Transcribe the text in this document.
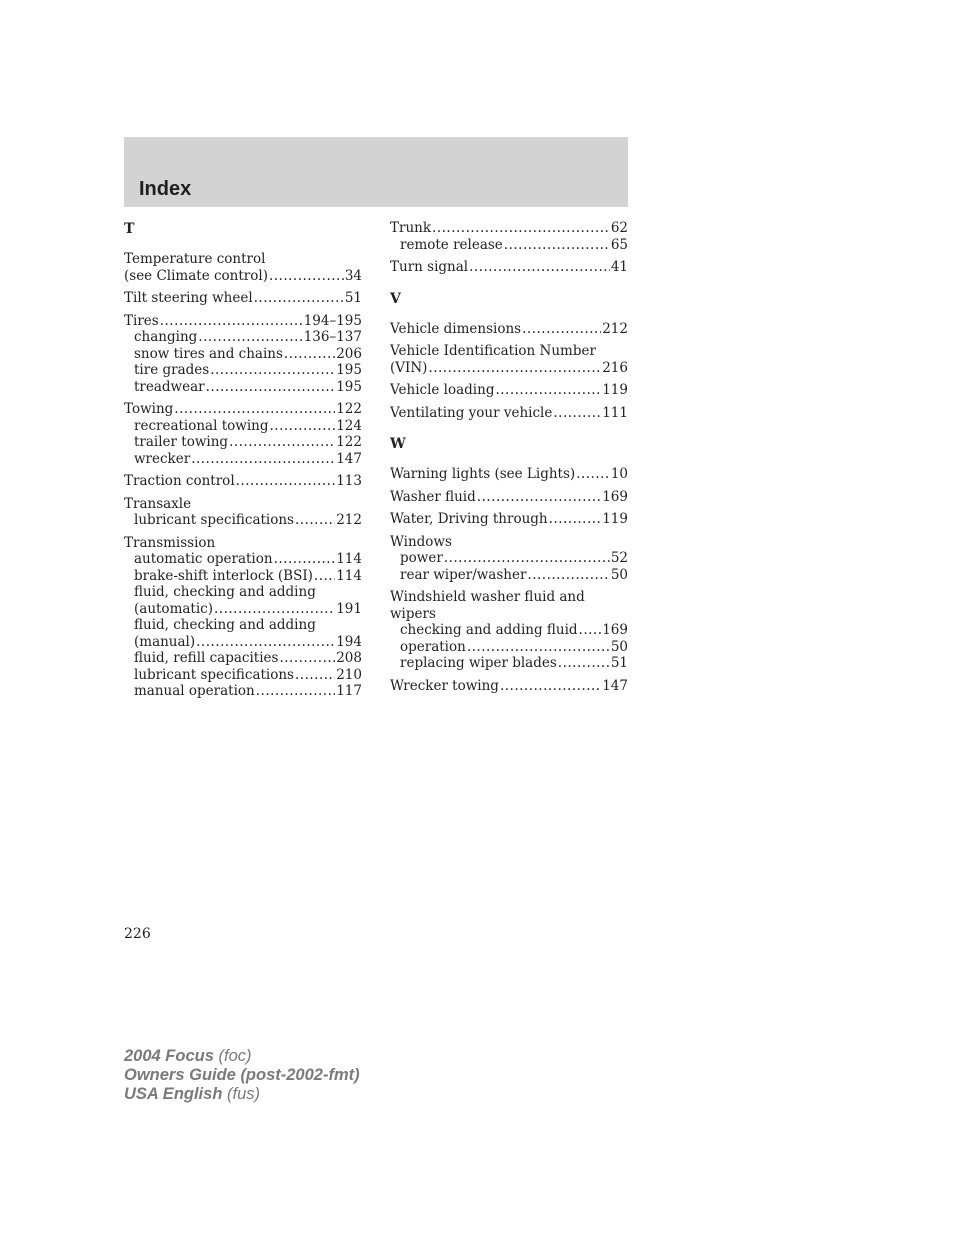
Index
T
Temperature control
(see Climate control) .....	34
Tilt steering wheel .....	51
Tires .....	194–195
changing .....	136–137
snow tires and chains .....	206
tire grades .....	195
treadwear .....	195
Towing .....	122
recreational towing .....	124
trailer towing .....	122
wrecker .....	147
Traction control .....	113
Transaxle
lubricant specifications .....	212
Transmission
automatic operation .....	114
brake-shift interlock (BSI) ..... 114
fluid, checking and adding
(automatic) .....	191
fluid, checking and adding
(manual) .....	194
fluid, refill capacities .....	208
lubricant specifications .....	210
manual operation .....	117
Trunk .....	62
remote release .....	65
Turn signal .....	41
V
Vehicle dimensions .....	212
Vehicle Identification Number
(VIN) .....	216
Vehicle loading .....	119
Ventilating your vehicle .....	111
W
Warning lights (see Lights) .....	10
Washer fluid .....	169
Water, Driving through .....	119
Windows
power .....	52
rear wiper/washer .....	50
Windshield washer fluid and
wipers
checking and adding fluid ..... 169
operation .....	50
replacing wiper blades .....	51
Wrecker towing .....	147
226
2004 Focus (foc)
Owners Guide (post-2002-fmt)
USA English (fus)
